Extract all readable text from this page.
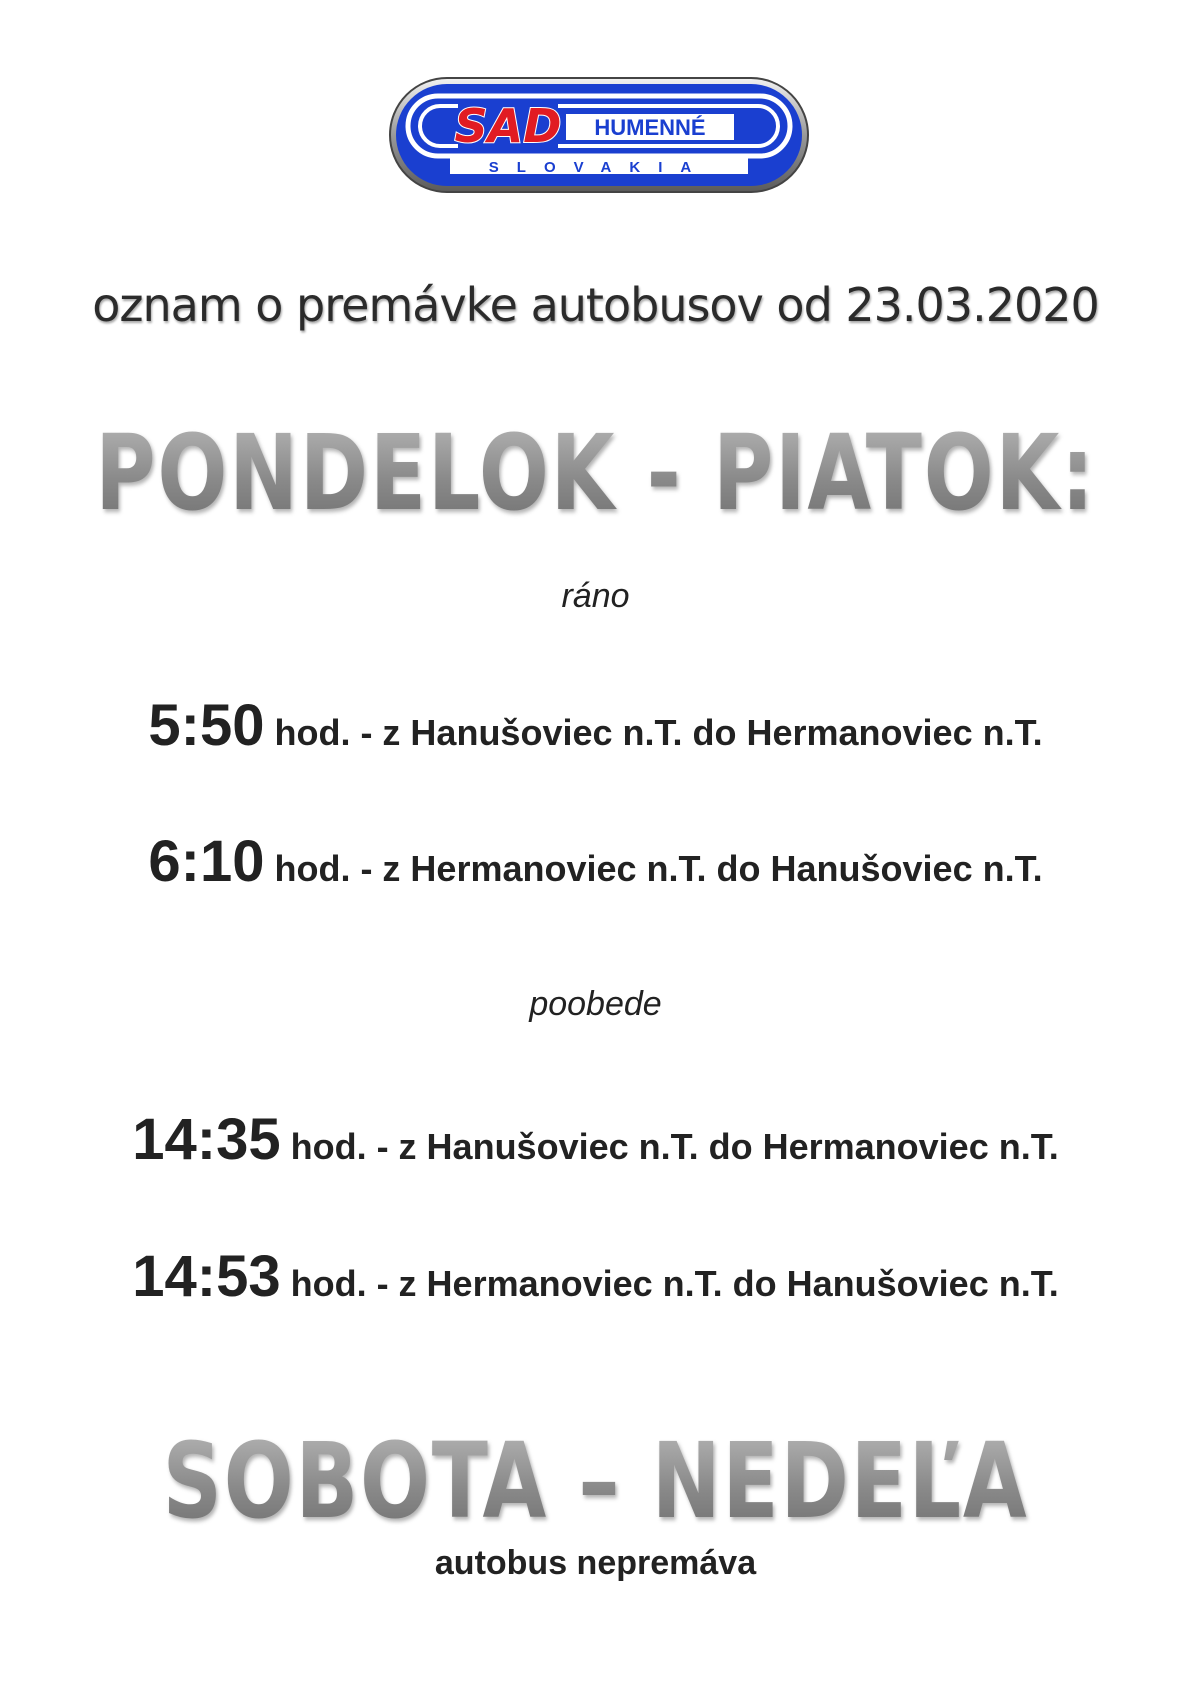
SAD HUMENNÉ
SLOVAKIA
oznam o premávke autobusov od 23.03.2020
PONDELOK - PIATOK:
ráno
5:50 hod. - z Hanušoviec n.T. do Hermanoviec n.T.
6:10 hod. - z Hermanoviec n.T. do Hanušoviec n.T.
poobede
14:35 hod. - z Hanušoviec n.T. do Hermanoviec n.T.
14:53 hod. - z Hermanoviec n.T. do Hanušoviec n.T.
SOBOTA – NEDEĽA
autobus nepremáva
